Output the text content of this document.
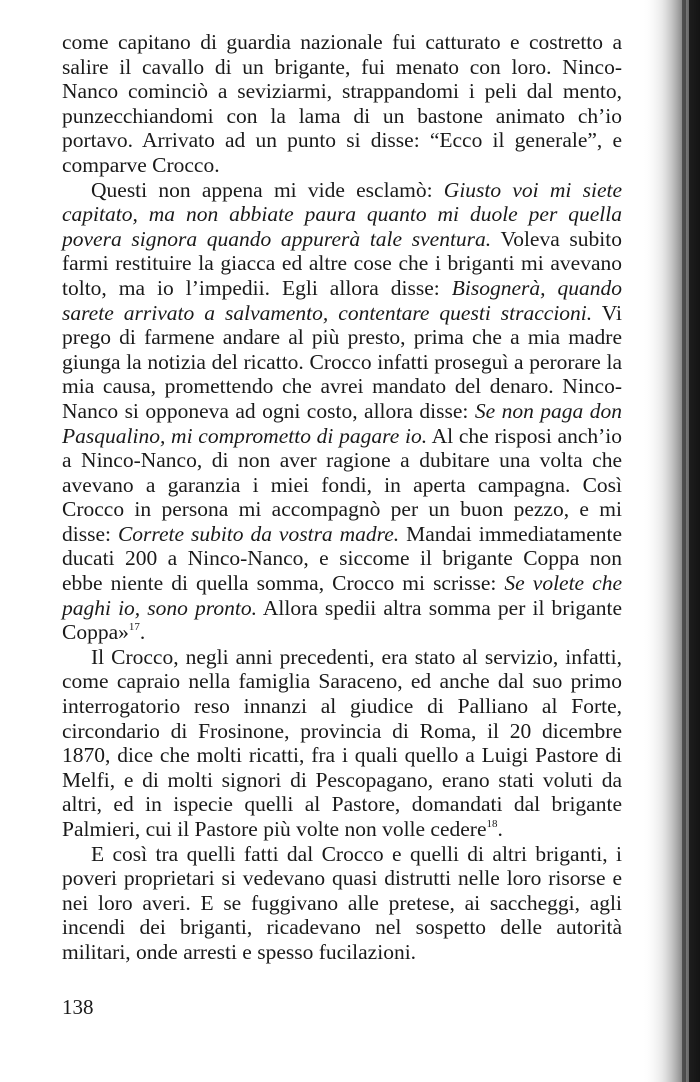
come capitano di guardia nazionale fui catturato e costretto a salire il cavallo di un brigante, fui menato con loro. Ninco-Nanco cominciò a seviziarmi, strappandomi i peli dal mento, punzecchiandomi con la lama di un bastone animato ch’io portavo. Arrivato ad un punto si disse: “Ecco il generale”, e comparve Crocco.

Questi non appena mi vide esclamò: Giusto voi mi siete capitato, ma non abbiate paura quanto mi duole per quella povera signora quando appurerà tale sventura. Voleva subito farmi restituire la giacca ed altre cose che i briganti mi avevano tolto, ma io l’impedii. Egli allora disse: Bisognerà, quando sarete arrivato a salvamento, contentare questi straccioni. Vi prego di farmene andare al più presto, prima che a mia madre giunga la notizia del ricatto. Crocco infatti proseguì a perorare la mia causa, promettendo che avrei mandato del denaro. Ninco-Nanco si opponeva ad ogni costo, allora disse: Se non paga don Pasqualino, mi comprometto di pagare io. Al che risposi anch’io a Ninco-Nanco, di non aver ragione a dubitare una volta che avevano a garanzia i miei fondi, in aperta campagna. Così Crocco in persona mi accompagnò per un buon pezzo, e mi disse: Correte subito da vostra madre. Mandai immediatamente ducati 200 a Ninco-Nanco, e siccome il brigante Coppa non ebbe niente di quella somma, Crocco mi scrisse: Se volete che paghi io, sono pronto. Allora spedii altra somma per il brigante Coppa»$^{17}$.

Il Crocco, negli anni precedenti, era stato al servizio, infatti, come capraio nella famiglia Saraceno, ed anche dal suo primo interrogatorio reso innanzi al giudice di Palliano al Forte, circondario di Frosinone, provincia di Roma, il 20 dicembre 1870, dice che molti ricatti, fra i quali quello a Luigi Pastore di Melfi, e di molti signori di Pescopagano, erano stati voluti da altri, ed in ispecie quelli al Pastore, domandati dal brigante Palmieri, cui il Pastore più volte non volle cedere$^{18}$.

E così tra quelli fatti dal Crocco e quelli di altri briganti, i poveri proprietari si vedevano quasi distrutti nelle loro risorse e nei loro averi. E se fuggivano alle pretese, ai saccheggi, agli incendi dei briganti, ricadevano nel sospetto delle autorità militari, onde arresti e spesso fucilazioni.

138
